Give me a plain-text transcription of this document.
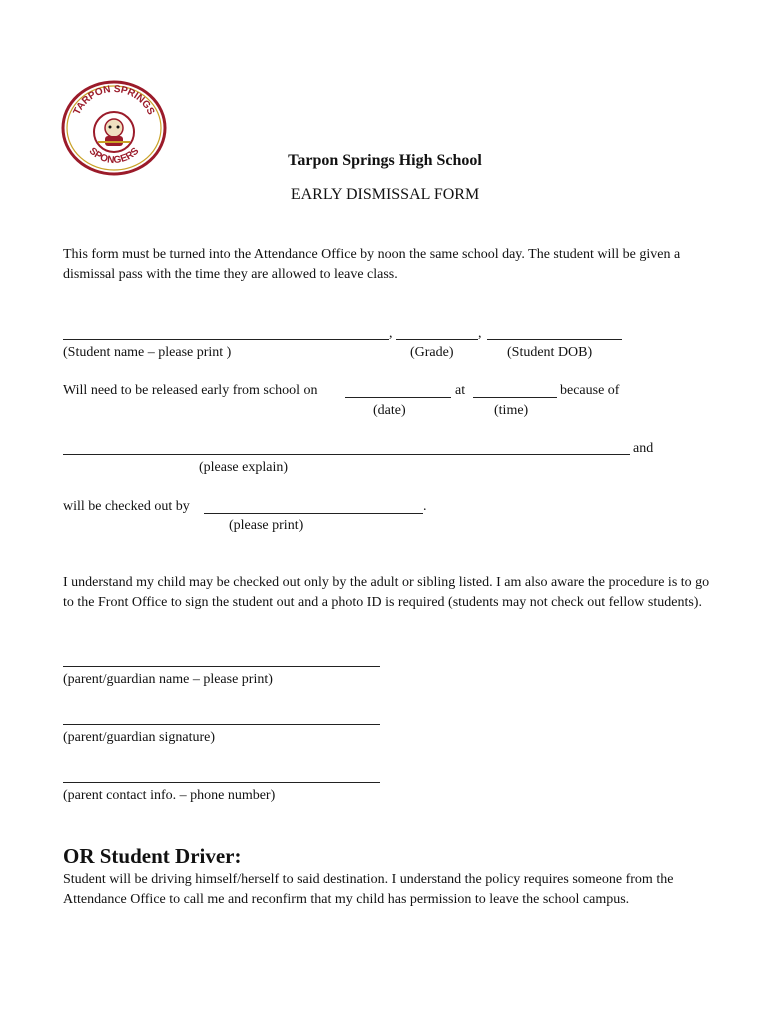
TARPON SPRINGS
SPONGERS
Tarpon Springs High School
EARLY DISMISSAL FORM
This form must be turned into the Attendance Office by noon the same school day. The student will be given a dismissal pass with the time they are allowed to leave class.
,	,
(Student name – please print )	(Grade)	(Student DOB)
Will need to be released early from school on	at	because of
(date)	(time)
and
(please explain)
will be checked out by	.
(please print)
I understand my child may be checked out only by the adult or sibling listed. I am also aware the procedure is to go to the Front Office to sign the student out and a photo ID is required (students may not check out fellow students).
(parent/guardian name – please print)
(parent/guardian signature)
(parent contact info. – phone number)
OR Student Driver:
Student will be driving himself/herself to said destination. I understand the policy requires someone from the Attendance Office to call me and reconfirm that my child has permission to leave the school campus.
